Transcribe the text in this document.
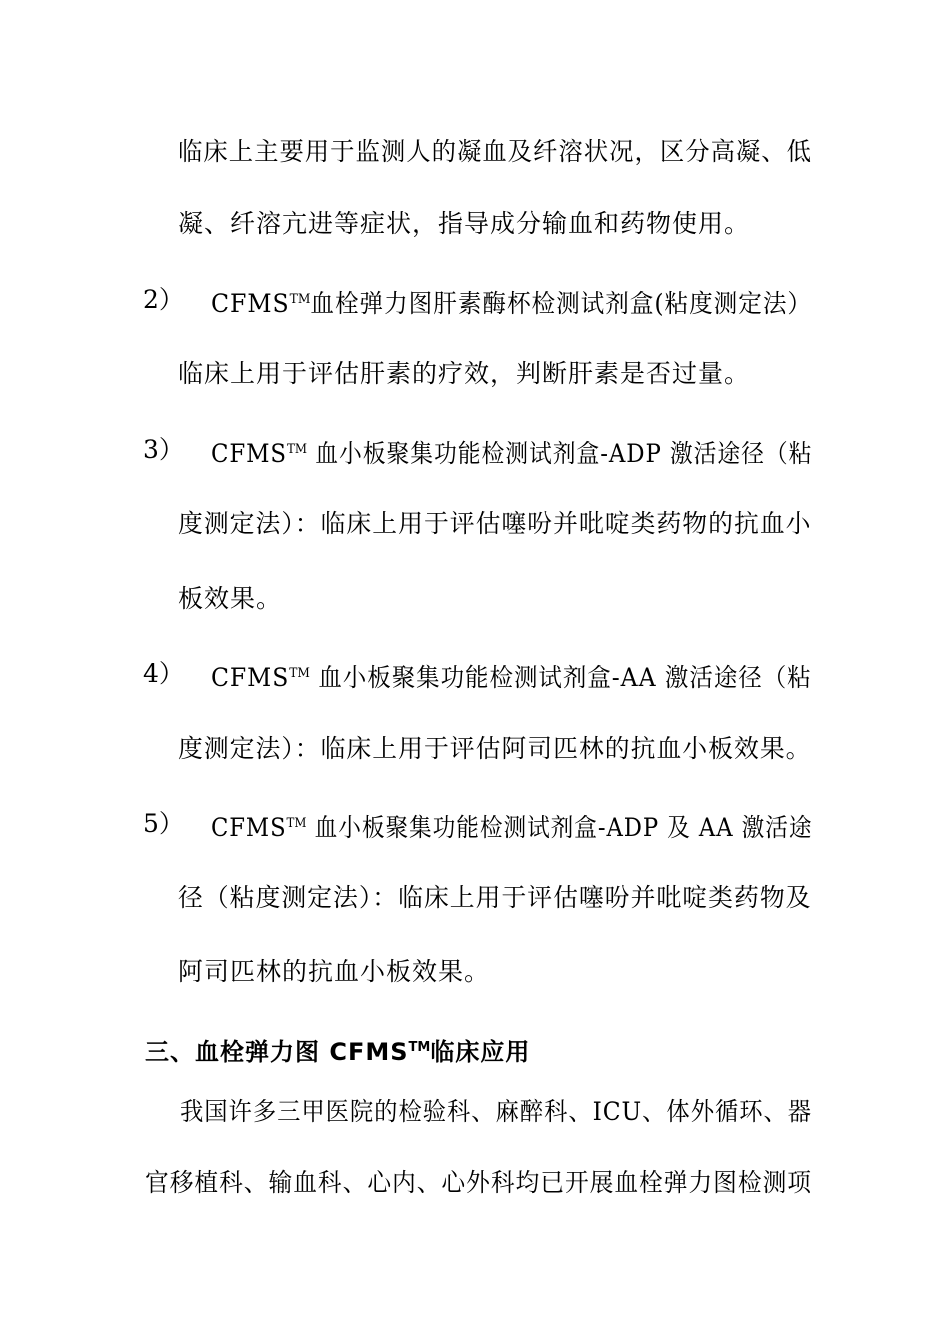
临床上主要用于监测人的凝血及纤溶状况，区分高凝、低
凝、纤溶亢进等症状，指导成分输血和药物使用。
2） CFMS™血栓弹力图肝素酶杯检测试剂盒(粘度测定法）
临床上用于评估肝素的疗效，判断肝素是否过量。
3） CFMS™ 血小板聚集功能检测试剂盒-ADP 激活途径（粘
度测定法）：临床上用于评估噻吩并吡啶类药物的抗血小
板效果。
4） CFMS™ 血小板聚集功能检测试剂盒-AA 激活途径（粘
度测定法）：临床上用于评估阿司匹林的抗血小板效果。
5） CFMS™ 血小板聚集功能检测试剂盒-ADP 及 AA 激活途
径（粘度测定法）：临床上用于评估噻吩并吡啶类药物及
阿司匹林的抗血小板效果。
三、血栓弹力图 CFMS™临床应用
我国许多三甲医院的检验科、麻醉科、ICU、体外循环、器
官移植科、输血科、心内、心外科均已开展血栓弹力图检测项
